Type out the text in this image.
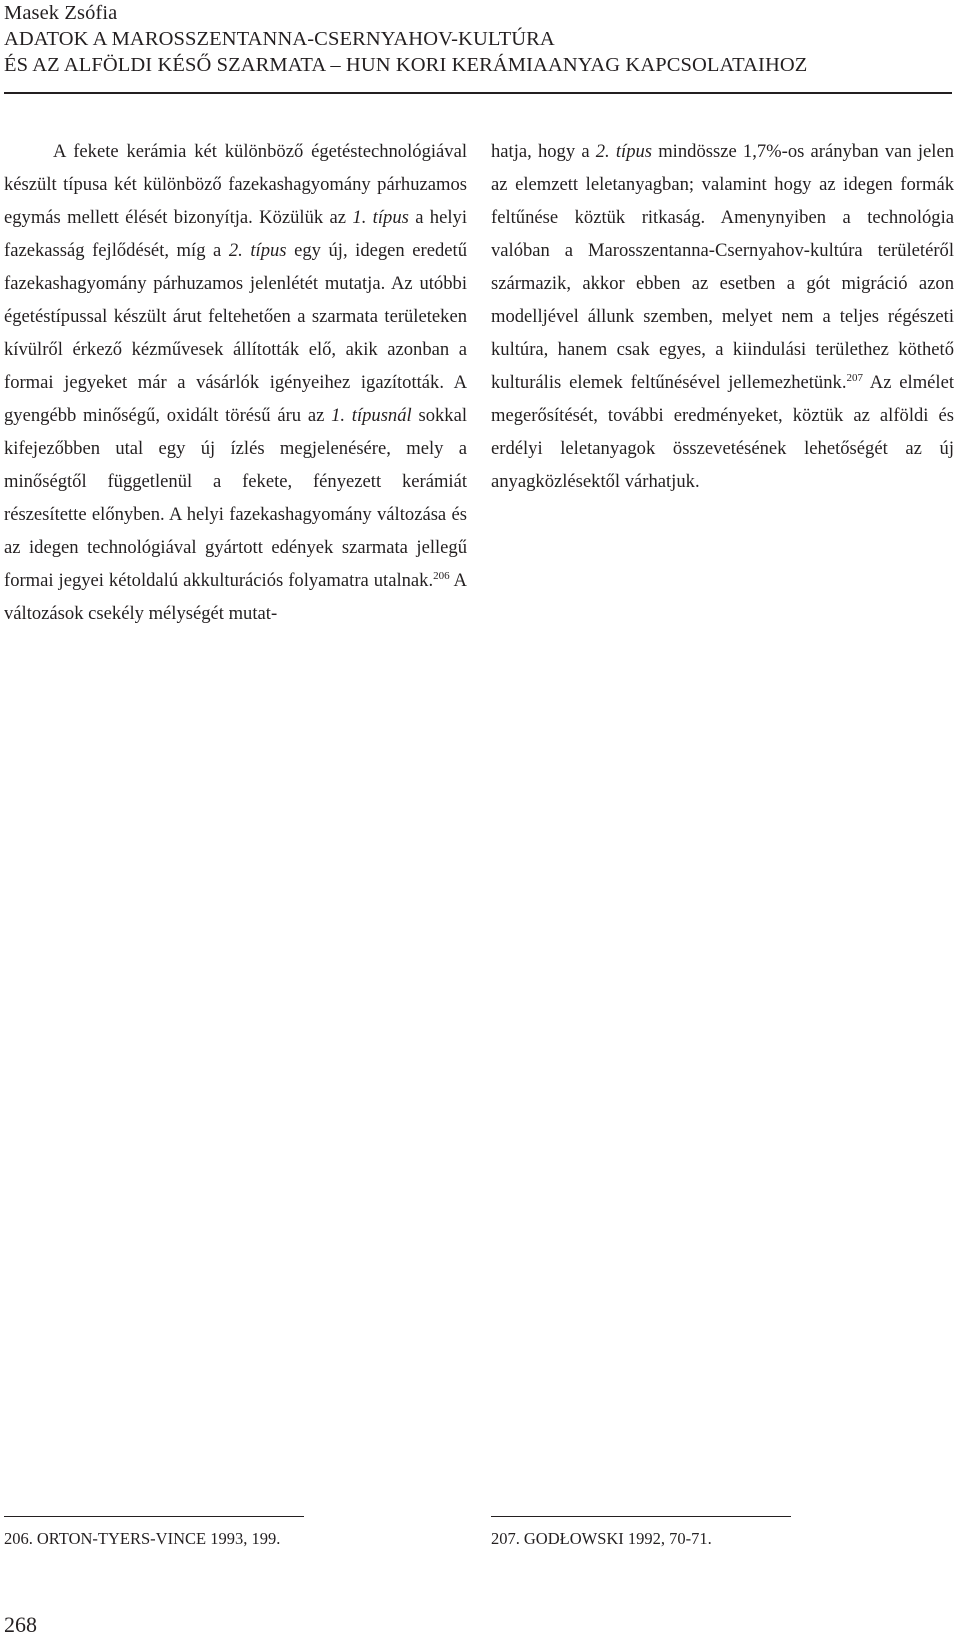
Masek Zsófia
ADATOK A MAROSSZENTANNA-CSERNYAHOV-KULTÚRA
ÉS AZ ALFÖLDI KÉSŐ SZARMATA – HUN KORI KERÁMIAANYAG KAPCSOLATAIHOZ

A fekete kerámia két különböző égetéstechnológiával készült típusa két különböző fazekashagyomány párhuzamos egymás mellett élését bizonyítja. Közülük az 1. típus a helyi fazekasság fejlődését, míg a 2. típus egy új, idegen eredetű fazekashagyomány párhuzamos jelenlétét mutatja. Az utóbbi égetéstípussal készült árut feltehetően a szarmata területeken kívülről érkező kézművesek állították elő, akik azonban a formai jegyeket már a vásárlók igényeihez igazították. A gyengébb minőségű, oxidált törésű áru az 1. típusnál sokkal kifejezőbben utal egy új ízlés megjelenésére, mely a minőségtől függetlenül a fekete, fényezett kerámiát részesítette előnyben. A helyi fazekashagyomány változása és az idegen technológiával gyártott edények szarmata jellegű formai jegyei kétoldalú akkulturációs folyamatra utalnak.$^{206}$ A változások csekély mélységét mutat-

hatja, hogy a 2. típus mindössze 1,7%-os arányban van jelen az elemzett leletanyagban; valamint hogy az idegen formák feltűnése köztük ritkaság. Amenynyiben a technológia valóban a Marosszentanna-Csernyahov-kultúra területéről származik, akkor ebben az esetben a gót migráció azon modelljével állunk szemben, melyet nem a teljes régészeti kultúra, hanem csak egyes, a kiindulási területhez köthető kulturális elemek feltűnésével jellemezhetünk.$^{207}$ Az elmélet megerősítését, további eredményeket, köztük az alföldi és erdélyi leletanyagok összevetésének lehetőségét az új anyagközlésektől várhatjuk.

206. ORTON-TYERS-VINCE 1993, 199.	207. GODŁOWSKI 1992, 70-71.
268
